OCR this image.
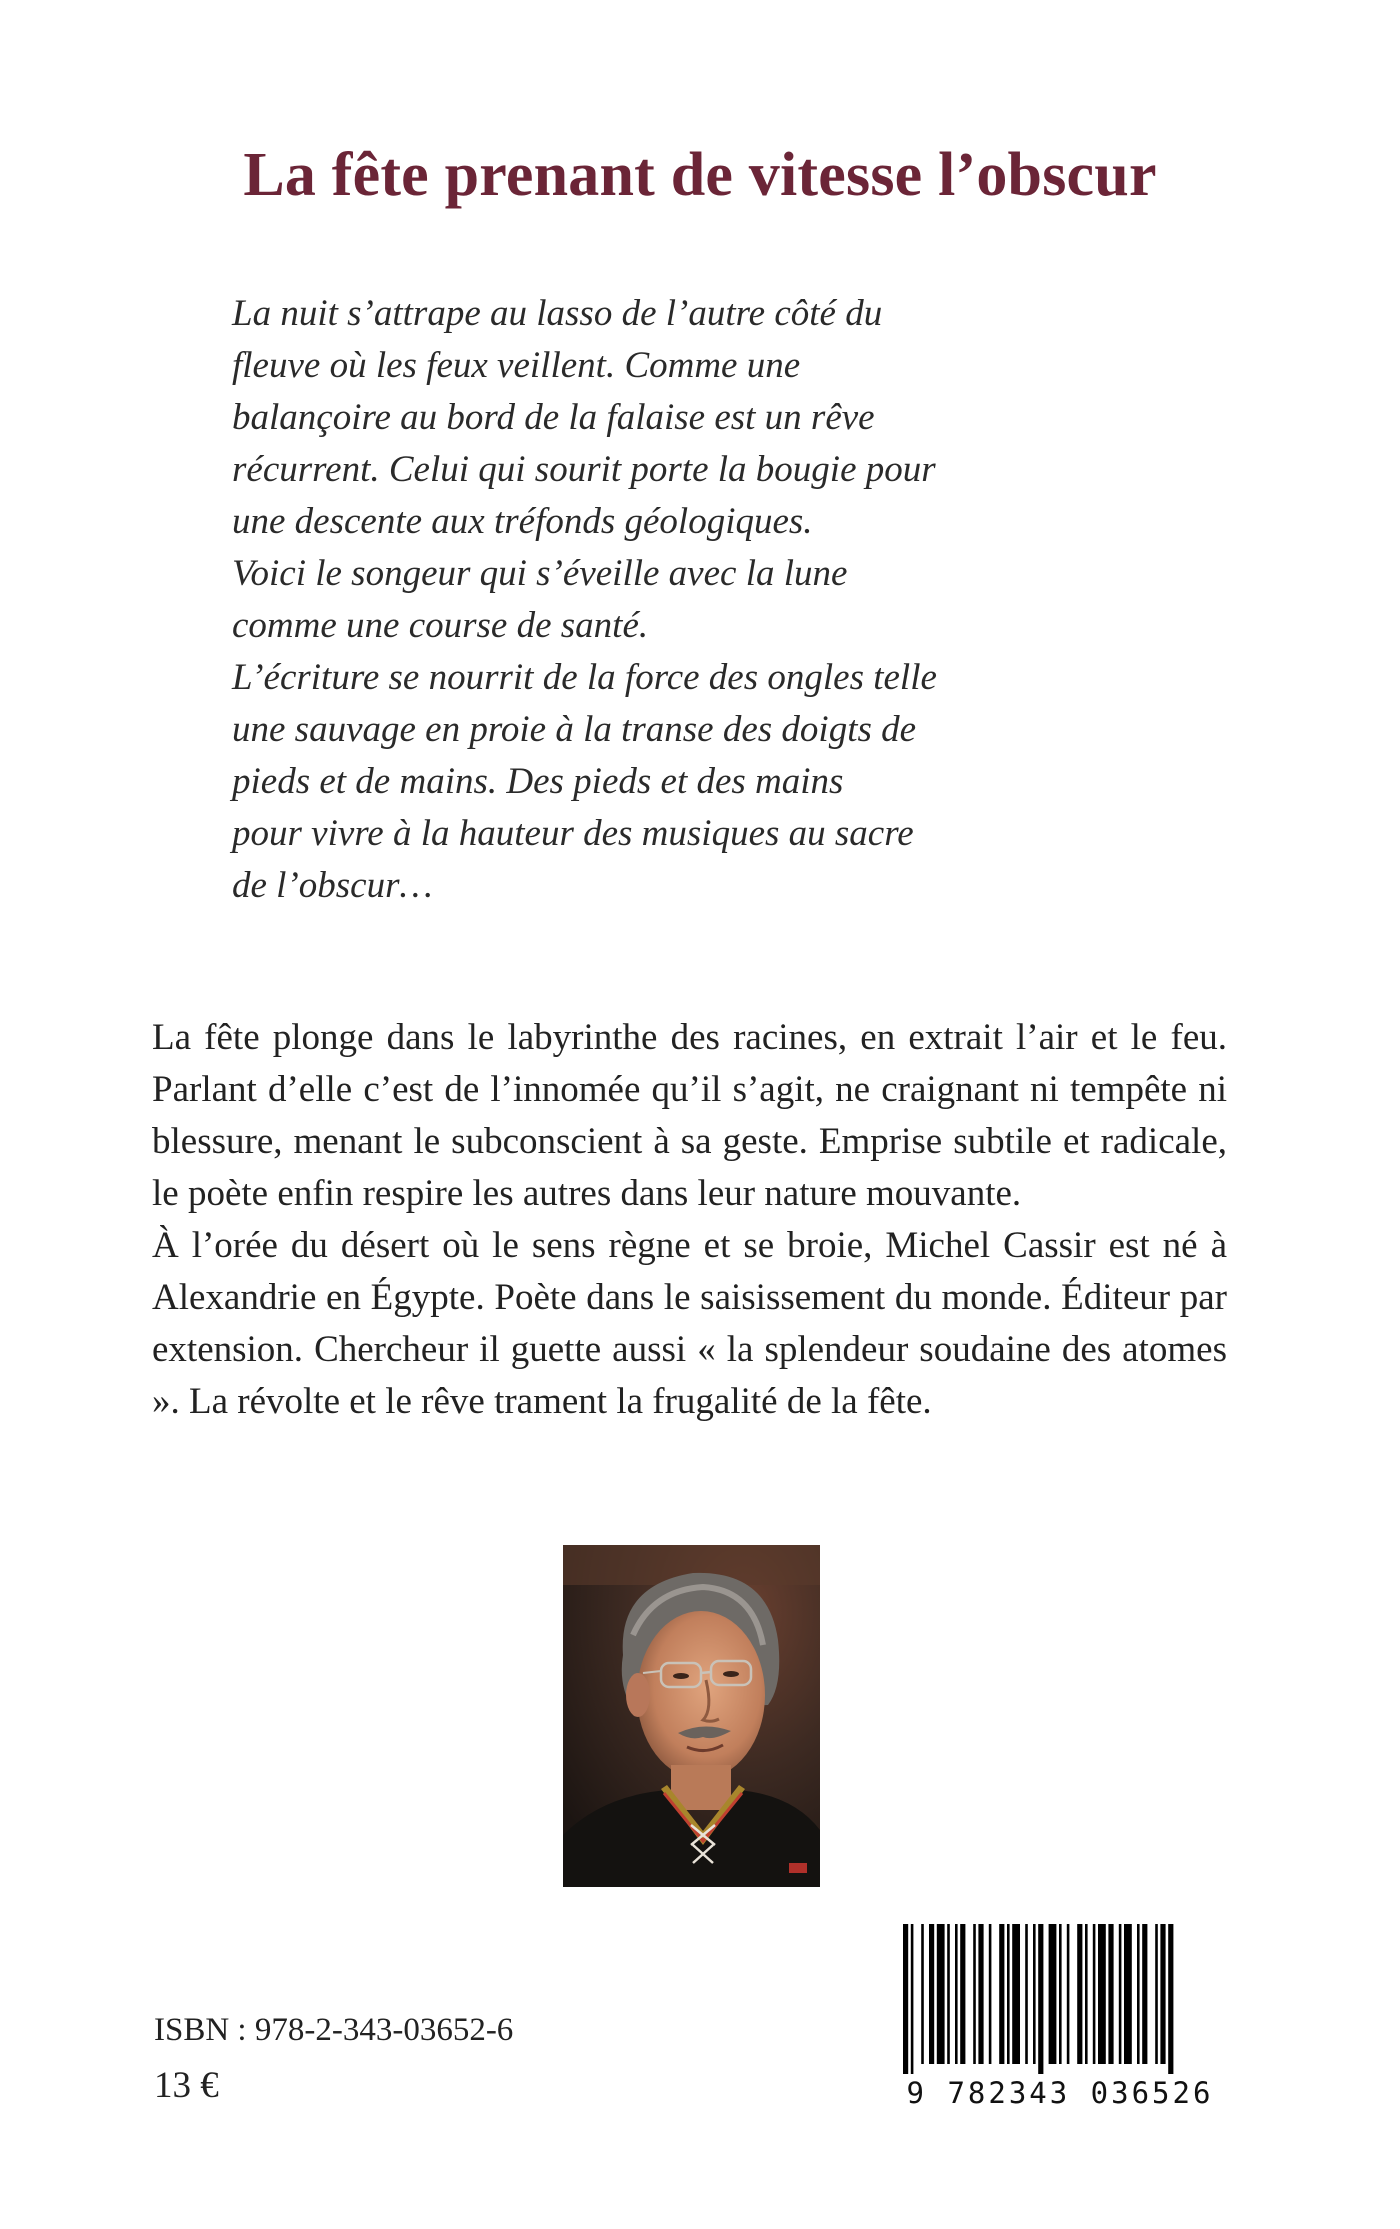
La fête prenant de vitesse l’obscur
La nuit s’attrape au lasso de l’autre côté du
fleuve où les feux veillent. Comme une
balançoire au bord de la falaise est un rêve
récurrent. Celui qui sourit porte la bougie pour
une descente aux tréfonds géologiques.
Voici le songeur qui s’éveille avec la lune
comme une course de santé.
L’écriture se nourrit de la force des ongles telle
une sauvage en proie à la transe des doigts de
pieds et de mains. Des pieds et des mains
pour vivre à la hauteur des musiques au sacre
de l’obscur…

La fête plonge dans le labyrinthe des racines, en extrait l’air et le feu. Parlant d’elle c’est de l’innomée qu’il s’agit, ne craignant ni tempête ni blessure, menant le subconscient à sa geste. Emprise subtile et radicale, le poète enfin respire les autres dans leur nature mouvante.

À l’orée du désert où le sens règne et se broie, Michel Cassir est né à Alexandrie en Égypte. Poète dans le saisissement du monde. Éditeur par extension. Chercheur il guette aussi « la splendeur soudaine des atomes ». La révolte et le rêve trament la frugalité de la fête.

ISBN : 978-2-343-03652-6
13 €	9 782343 036526
